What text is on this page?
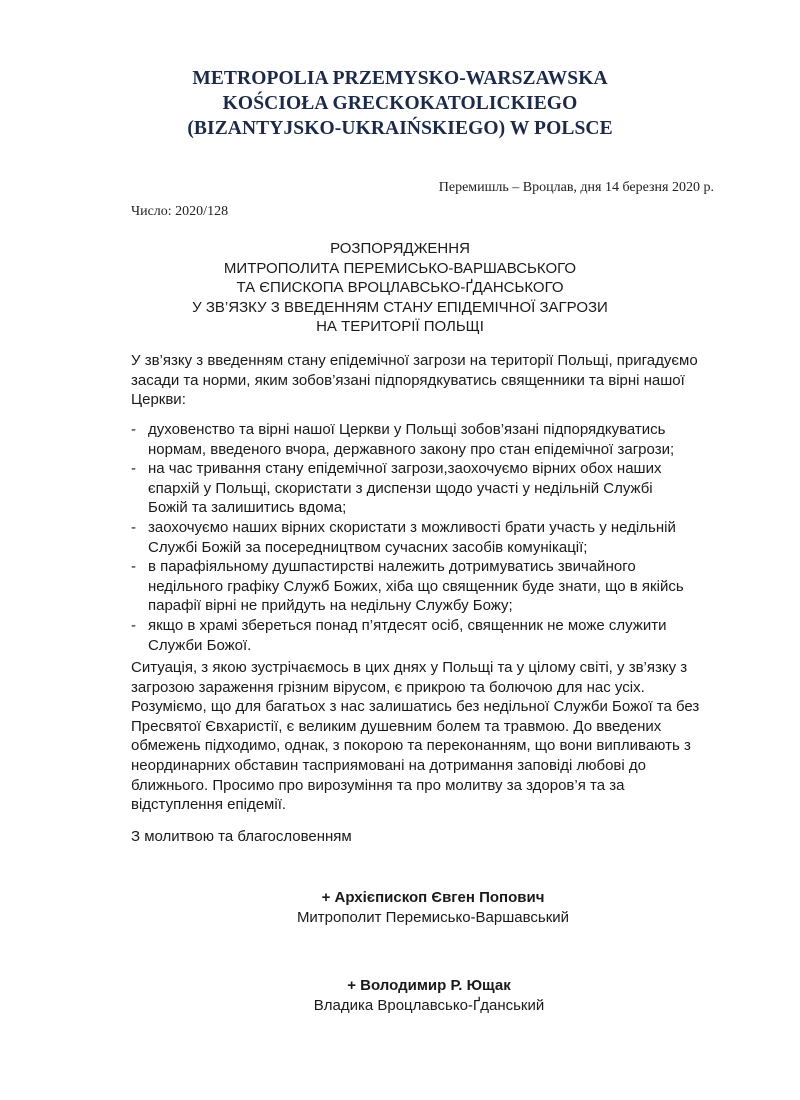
METROPOLIA PRZEMYSKO-WARSZAWSKA
KOŚCIOŁA GRECKOKATOLICKIEGO
(BIZANTYJSKO-UKRAIŃSKIEGO) W POLSCE
Перемишль – Вроцлав, дня 14 березня 2020 р.
Число: 2020/128
РОЗПОРЯДЖЕННЯ
МИТРОПОЛИТА ПЕРЕМИСЬКО-ВАРШАВСЬКОГО
ТА ЄПИСКОПА ВРОЦЛАВСЬКО-ҐДАНСЬКОГО
У ЗВ’ЯЗКУ З ВВЕДЕННЯМ СТАНУ ЕПІДЕМІЧНОЇ ЗАГРОЗИ
НА ТЕРИТОРІЇ ПОЛЬЩІ
У зв’язку з введенням стану епідемічної загрози на території Польщі, пригадуємо
засади та норми, яким зобов’язані підпорядкуватись священники та вірні нашої
Церкви:
- духовенство та вірні нашої Церкви у Польщі зобов’язані підпорядкуватись
нормам, введеного вчора, державного закону про стан епідемічної загрози;
- на час тривання стану епідемічної загрози,заохочуємо вірних обох наших
єпархій у Польщі, скористати з диспензи щодо участі у недільній Службі
Божій та залишитись вдома;
- заохочуємо наших вірних скористати з можливості брати участь у недільній
Службі Божій за посередництвом сучасних засобів комунікації;
- в парафіяльному душпастирстві належить дотримуватись звичайного
недільного графіку Служб Божих, хіба що священник буде знати, що в якійсь
парафії вірні не прийдуть на недільну Службу Божу;
- якщо в храмі збереться понад п’ятдесят осіб, священник не може служити
Служби Божої.
Ситуація, з якою зустрічаємось в цих днях у Польщі та у цілому світі, у зв’язку з
загрозою зараження грізним вірусом, є прикрою та болючою для нас усіх.
Розуміємо, що для багатьох з нас залишатись без недільної Служби Божої та без
Пресвятої Євхаристії, є великим душевним болем та травмою. До введених
обмежень підходимо, однак, з покорою та переконанням, що вони випливають з
неординарних обставин тасприямовані на дотримання заповіді любові до
ближнього. Просимо про вирозуміння та про молитву за здоров’я та за
відступлення епідемії.
З молитвою та благословенням
+ Архієпископ Євген Попович
Митрополит Перемисько-Варшавський
+ Володимир Р. Ющак
Владика Вроцлавсько-Ґданський
